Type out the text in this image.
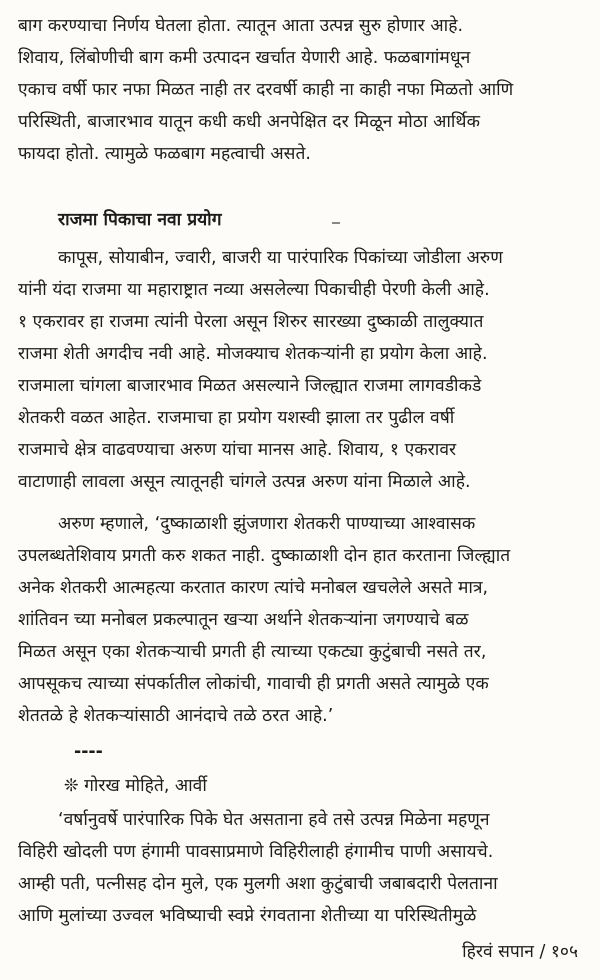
बाग करण्याचा निर्णय घेतला होता. त्यातून आता उत्पन्न सुरु होणार आहे.
शिवाय, लिंबोणीची बाग कमी उत्पादन खर्चात येणारी आहे. फळबागांमधून
एकाच वर्षी फार नफा मिळत नाही तर दरवर्षी काही ना काही नफा मिळतो आणि
परिस्थिती, बाजारभाव यातून कधी कधी अनपेक्षित दर मिळून मोठा आर्थिक
फायदा होतो. त्यामुळे फळबाग महत्वाची असते.
राजमा पिकाचा नवा प्रयोग
कापूस, सोयाबीन, ज्वारी, बाजरी या पारंपारिक पिकांच्या जोडीला अरुण
यांनी यंदा राजमा या महाराष्ट्रात नव्या असलेल्या पिकाचीही पेरणी केली आहे.
१ एकरावर हा राजमा त्यांनी पेरला असून शिरुर सारख्या दुष्काळी तालुक्यात
राजमा शेती अगदीच नवी आहे. मोजक्याच शेतकऱ्यांनी हा प्रयोग केला आहे.
राजमाला चांगला बाजारभाव मिळत असल्याने जिल्ह्यात राजमा लागवडीकडे
शेतकरी वळत आहेत. राजमाचा हा प्रयोग यशस्वी झाला तर पुढील वर्षी
राजमाचे क्षेत्र वाढवण्याचा अरुण यांचा मानस आहे. शिवाय, १ एकरावर
वाटाणाही लावला असून त्यातूनही चांगले उत्पन्न अरुण यांना मिळाले आहे.
अरुण म्हणाले, ‘दुष्काळाशी झुंजणारा शेतकरी पाण्याच्या आश्वासक
उपलब्धतेशिवाय प्रगती करु शकत नाही. दुष्काळाशी दोन हात करताना जिल्ह्यात
अनेक शेतकरी आत्महत्या करतात कारण त्यांचे मनोबल खचलेले असते मात्र,
शांतिवन च्या मनोबल प्रकल्पातून खऱ्या अर्थाने शेतकऱ्यांना जगण्याचे बळ
मिळत असून एका शेतकऱ्याची प्रगती ही त्याच्या एकट्या कुटुंबाची नसते तर,
आपसूकच त्याच्या संपर्कातील लोकांची, गावाची ही प्रगती असते त्यामुळे एक
शेततळे हे शेतकऱ्यांसाठी आनंदाचे तळे ठरत आहे.’
----
❊ गोरख मोहिते, आर्वी
‘वर्षानुवर्षे पारंपारिक पिके घेत असताना हवे तसे उत्पन्न मिळेना महणून
विहिरी खोदली पण हंगामी पावसाप्रमाणे विहिरीलाही हंगामीच पाणी असायचे.
आम्ही पती, पत्नीसह दोन मुले, एक मुलगी अशा कुटुंबाची जबाबदारी पेलताना
आणि मुलांच्या उज्वल भविष्याची स्वप्ने रंगवताना शेतीच्या या परिस्थितीमुळे
हिरवं सपान / १०५
